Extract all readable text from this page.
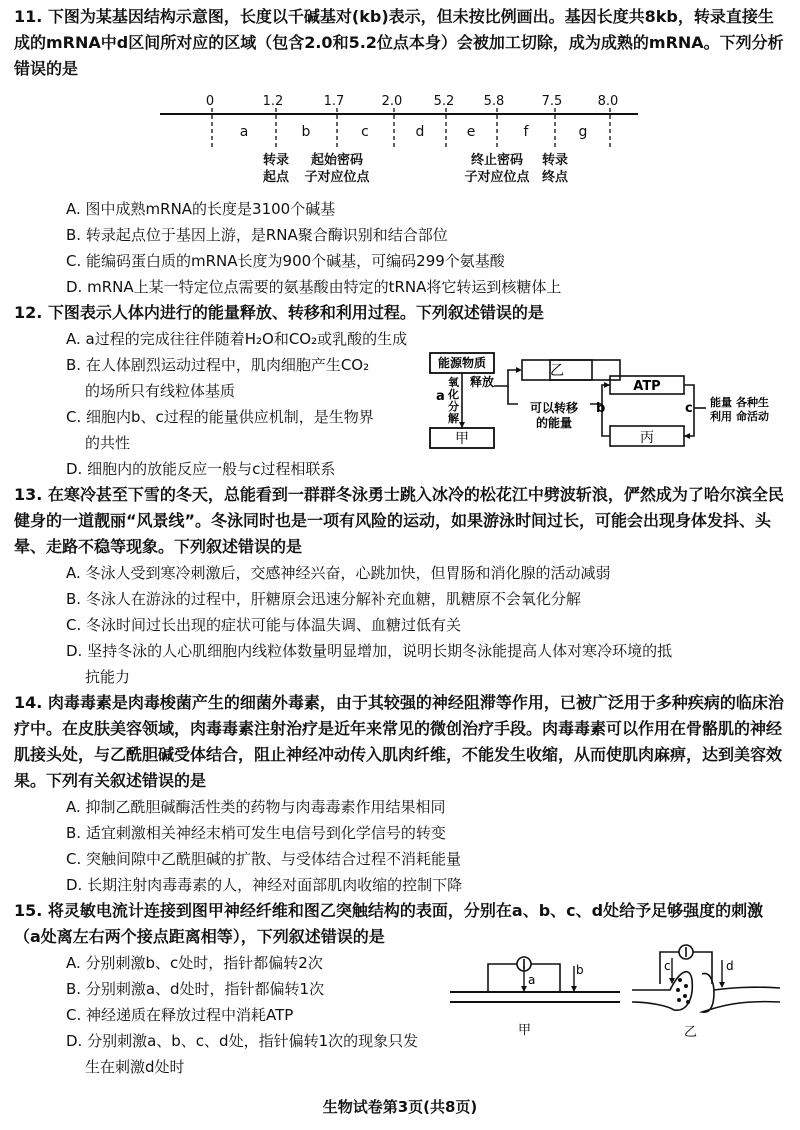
11. 下图为某基因结构示意图，长度以千碱基对(kb)表示，但未按比例画出。基因长度共8kb，转录直接生成的mRNA中d区间所对应的区域（包含2.0和5.2位点本身）会被加工切除，成为成熟的mRNA。下列分析错误的是
0	1.2	1.7	2.0 5.2 5.8	7.5	8.0
a	b	c	d	e	f	g
转录
起点
起始密码
子对应位点
终止密码
子对应位点
转录
终点
A. 图中成熟mRNA的长度是3100个碱基
B. 转录起点位于基因上游，是RNA聚合酶识别和结合部位
C. 能编码蛋白质的mRNA长度为900个碱基，可编码299个氨基酸
D. mRNA上某一特定位点需要的氨基酸由特定的tRNA将它转运到核糖体上
12. 下图表示人体内进行的能量释放、转移和利用过程。下列叙述错误的是
A. a过程的完成往往伴随着H₂O和CO₂或乳酸的生成
B. 在人体剧烈运动过程中，肌肉细胞产生CO₂
的场所只有线粒体基质
C. 细胞内b、c过程的能量供应机制，是生物界
的共性
D. 细胞内的放能反应一般与c过程相联系
能源物质
a
氧
化
分
解
释放
乙
可以转移
的能量
甲
b
ATP
丙
c 能量
利用
各种生
命活动
13. 在寒冷甚至下雪的冬天，总能看到一群群冬泳勇士跳入冰冷的松花江中劈波斩浪，俨然成为了哈尔滨全民健身的一道靓丽“风景线”。冬泳同时也是一项有风险的运动，如果游泳时间过长，可能会出现身体发抖、头晕、走路不稳等现象。下列叙述错误的是
A. 冬泳人受到寒冷刺激后，交感神经兴奋，心跳加快，但胃肠和消化腺的活动减弱
B. 冬泳人在游泳的过程中，肝糖原会迅速分解补充血糖，肌糖原不会氧化分解
C. 冬泳时间过长出现的症状可能与体温失调、血糖过低有关
D. 坚持冬泳的人心肌细胞内线粒体数量明显增加，说明长期冬泳能提高人体对寒冷环境的抵
抗能力
14. 肉毒毒素是肉毒梭菌产生的细菌外毒素，由于其较强的神经阻滞等作用，已被广泛用于多种疾病的临床治疗中。在皮肤美容领域，肉毒毒素注射治疗是近年来常见的微创治疗手段。肉毒毒素可以作用在骨骼肌的神经肌接头处，与乙酰胆碱受体结合，阻止神经冲动传入肌肉纤维，不能发生收缩，从而使肌肉麻痹，达到美容效果。下列有关叙述错误的是
A. 抑制乙酰胆碱酶活性类的药物与肉毒毒素作用结果相同
B. 适宜刺激相关神经末梢可发生电信号到化学信号的转变
C. 突触间隙中乙酰胆碱的扩散、与受体结合过程不消耗能量
D. 长期注射肉毒毒素的人，神经对面部肌肉收缩的控制下降
15. 将灵敏电流计连接到图甲神经纤维和图乙突触结构的表面，分别在a、b、c、d处给予足够强度的刺激（a处离左右两个接点距离相等），下列叙述错误的是
A. 分别刺激b、c处时，指针都偏转2次
B. 分别刺激a、d处时，指针都偏转1次
C. 神经递质在释放过程中消耗ATP
D. 分别刺激a、b、c、d处，指针偏转1次的现象只发
生在刺激d处时
a
b
甲
c	d
乙
生物试卷第3页(共8页)
